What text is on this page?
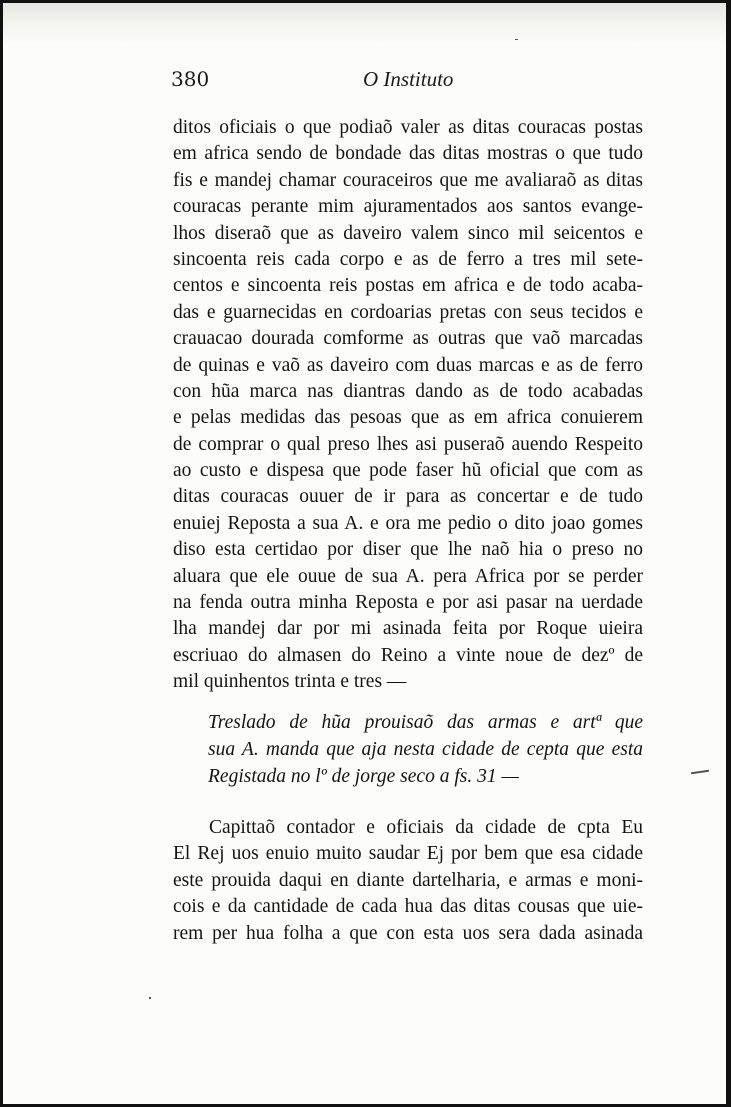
380	O Instituto
ditos oficiais o que podiaõ valer as ditas couracas postas
em africa sendo de bondade das ditas mostras o que tudo
fis e mandej chamar couraceiros que me avaliaraõ as ditas
couracas perante mim ajuramentados aos santos evange-
lhos diseraõ que as daveiro valem sinco mil seicentos e
sincoenta reis cada corpo e as de ferro a tres mil sete-
centos e sincoenta reis postas em africa e de todo acaba-
das e guarnecidas en cordoarias pretas con seus tecidos e
crauacao dourada comforme as outras que vaõ marcadas
de quinas e vaõ as daveiro com duas marcas e as de ferro
con hũa marca nas diantras dando as de todo acabadas
e pelas medidas das pesoas que as em africa conuierem
de comprar o qual preso lhes asi puseraõ auendo Respeito
ao custo e dispesa que pode faser hũ oficial que com as
ditas couracas ouuer de ir para as concertar e de tudo
enuiej Reposta a sua A. e ora me pedio o dito joao gomes
diso esta certidao por diser que lhe naõ hia o preso no
aluara que ele ouue de sua A. pera Africa por se perder
na fenda outra minha Reposta e por asi pasar na uerdade
lha mandej dar por mi asinada feita por Roque uieira
escriuao do almasen do Reino a vinte noue de dezº de
mil quinhentos trinta e tres —
Treslado de hũa prouisaõ das armas e artª que
sua A. manda que aja nesta cidade de cepta que esta
Registada no lº de jorge seco a fs. 31 —
Capittaõ contador e oficiais da cidade de cpta Eu
El Rej uos enuio muito saudar Ej por bem que esa cidade
este prouida daqui en diante dartelharia, e armas e moni-
cois e da cantidade de cada hua das ditas cousas que uie-
rem per hua folha a que con esta uos sera dada asinada
